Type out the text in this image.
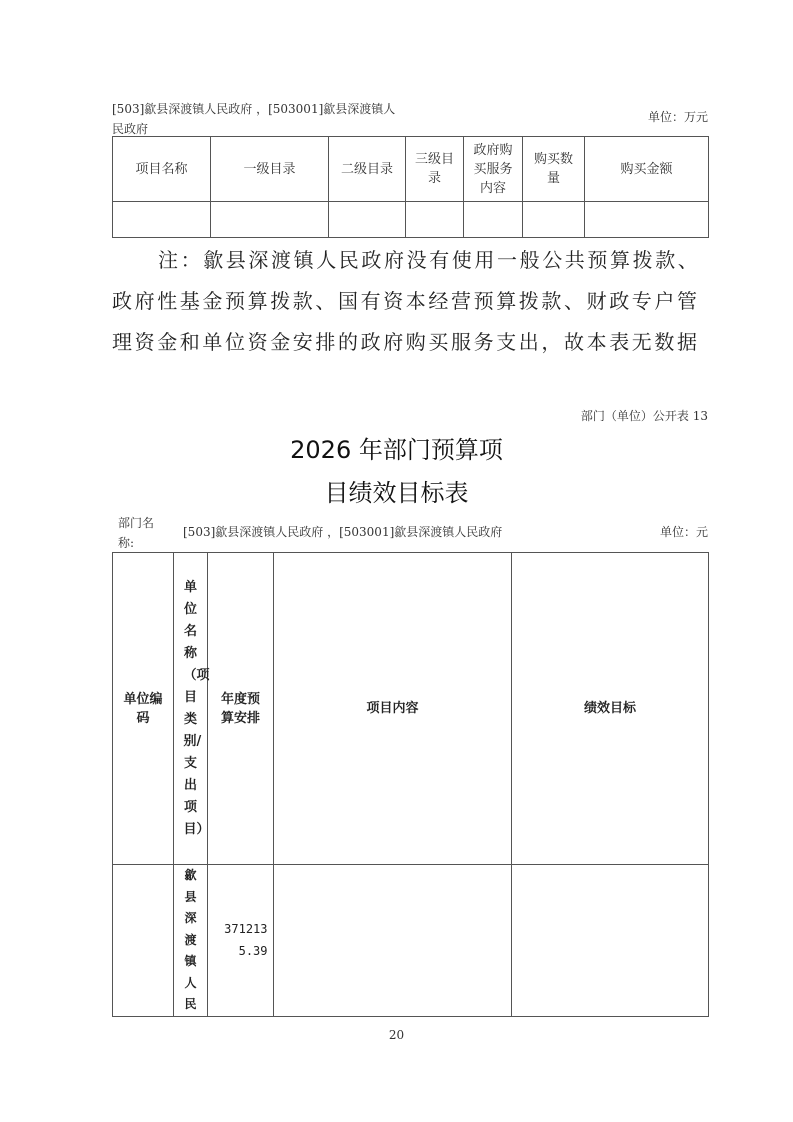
[503]歙县深渡镇人民政府 ，[503001]歙县深渡镇人
民政府
单位：万元
项目名称	一级目录	二级目录	三级目录	政府购买服务内容	购买数量	购买金额

注：歙县深渡镇人民政府没有使用一般公共预算拨款、政府性基金预算拨款、国有资本经营预算拨款、财政专户管理资金和单位资金安排的政府购买服务支出，故本表无数据
部门（单位）公开表 13
2026 年部门预算项
目绩效目标表
部门名称:
[503]歙县深渡镇人民政府 ，[503001]歙县深渡镇人民政府	单位：元
单位编码	单位名称（项目类别/支出项目）	年度预算安排	项目内容	绩效目标

	歙县深渡镇人民	3712135.39		

20
